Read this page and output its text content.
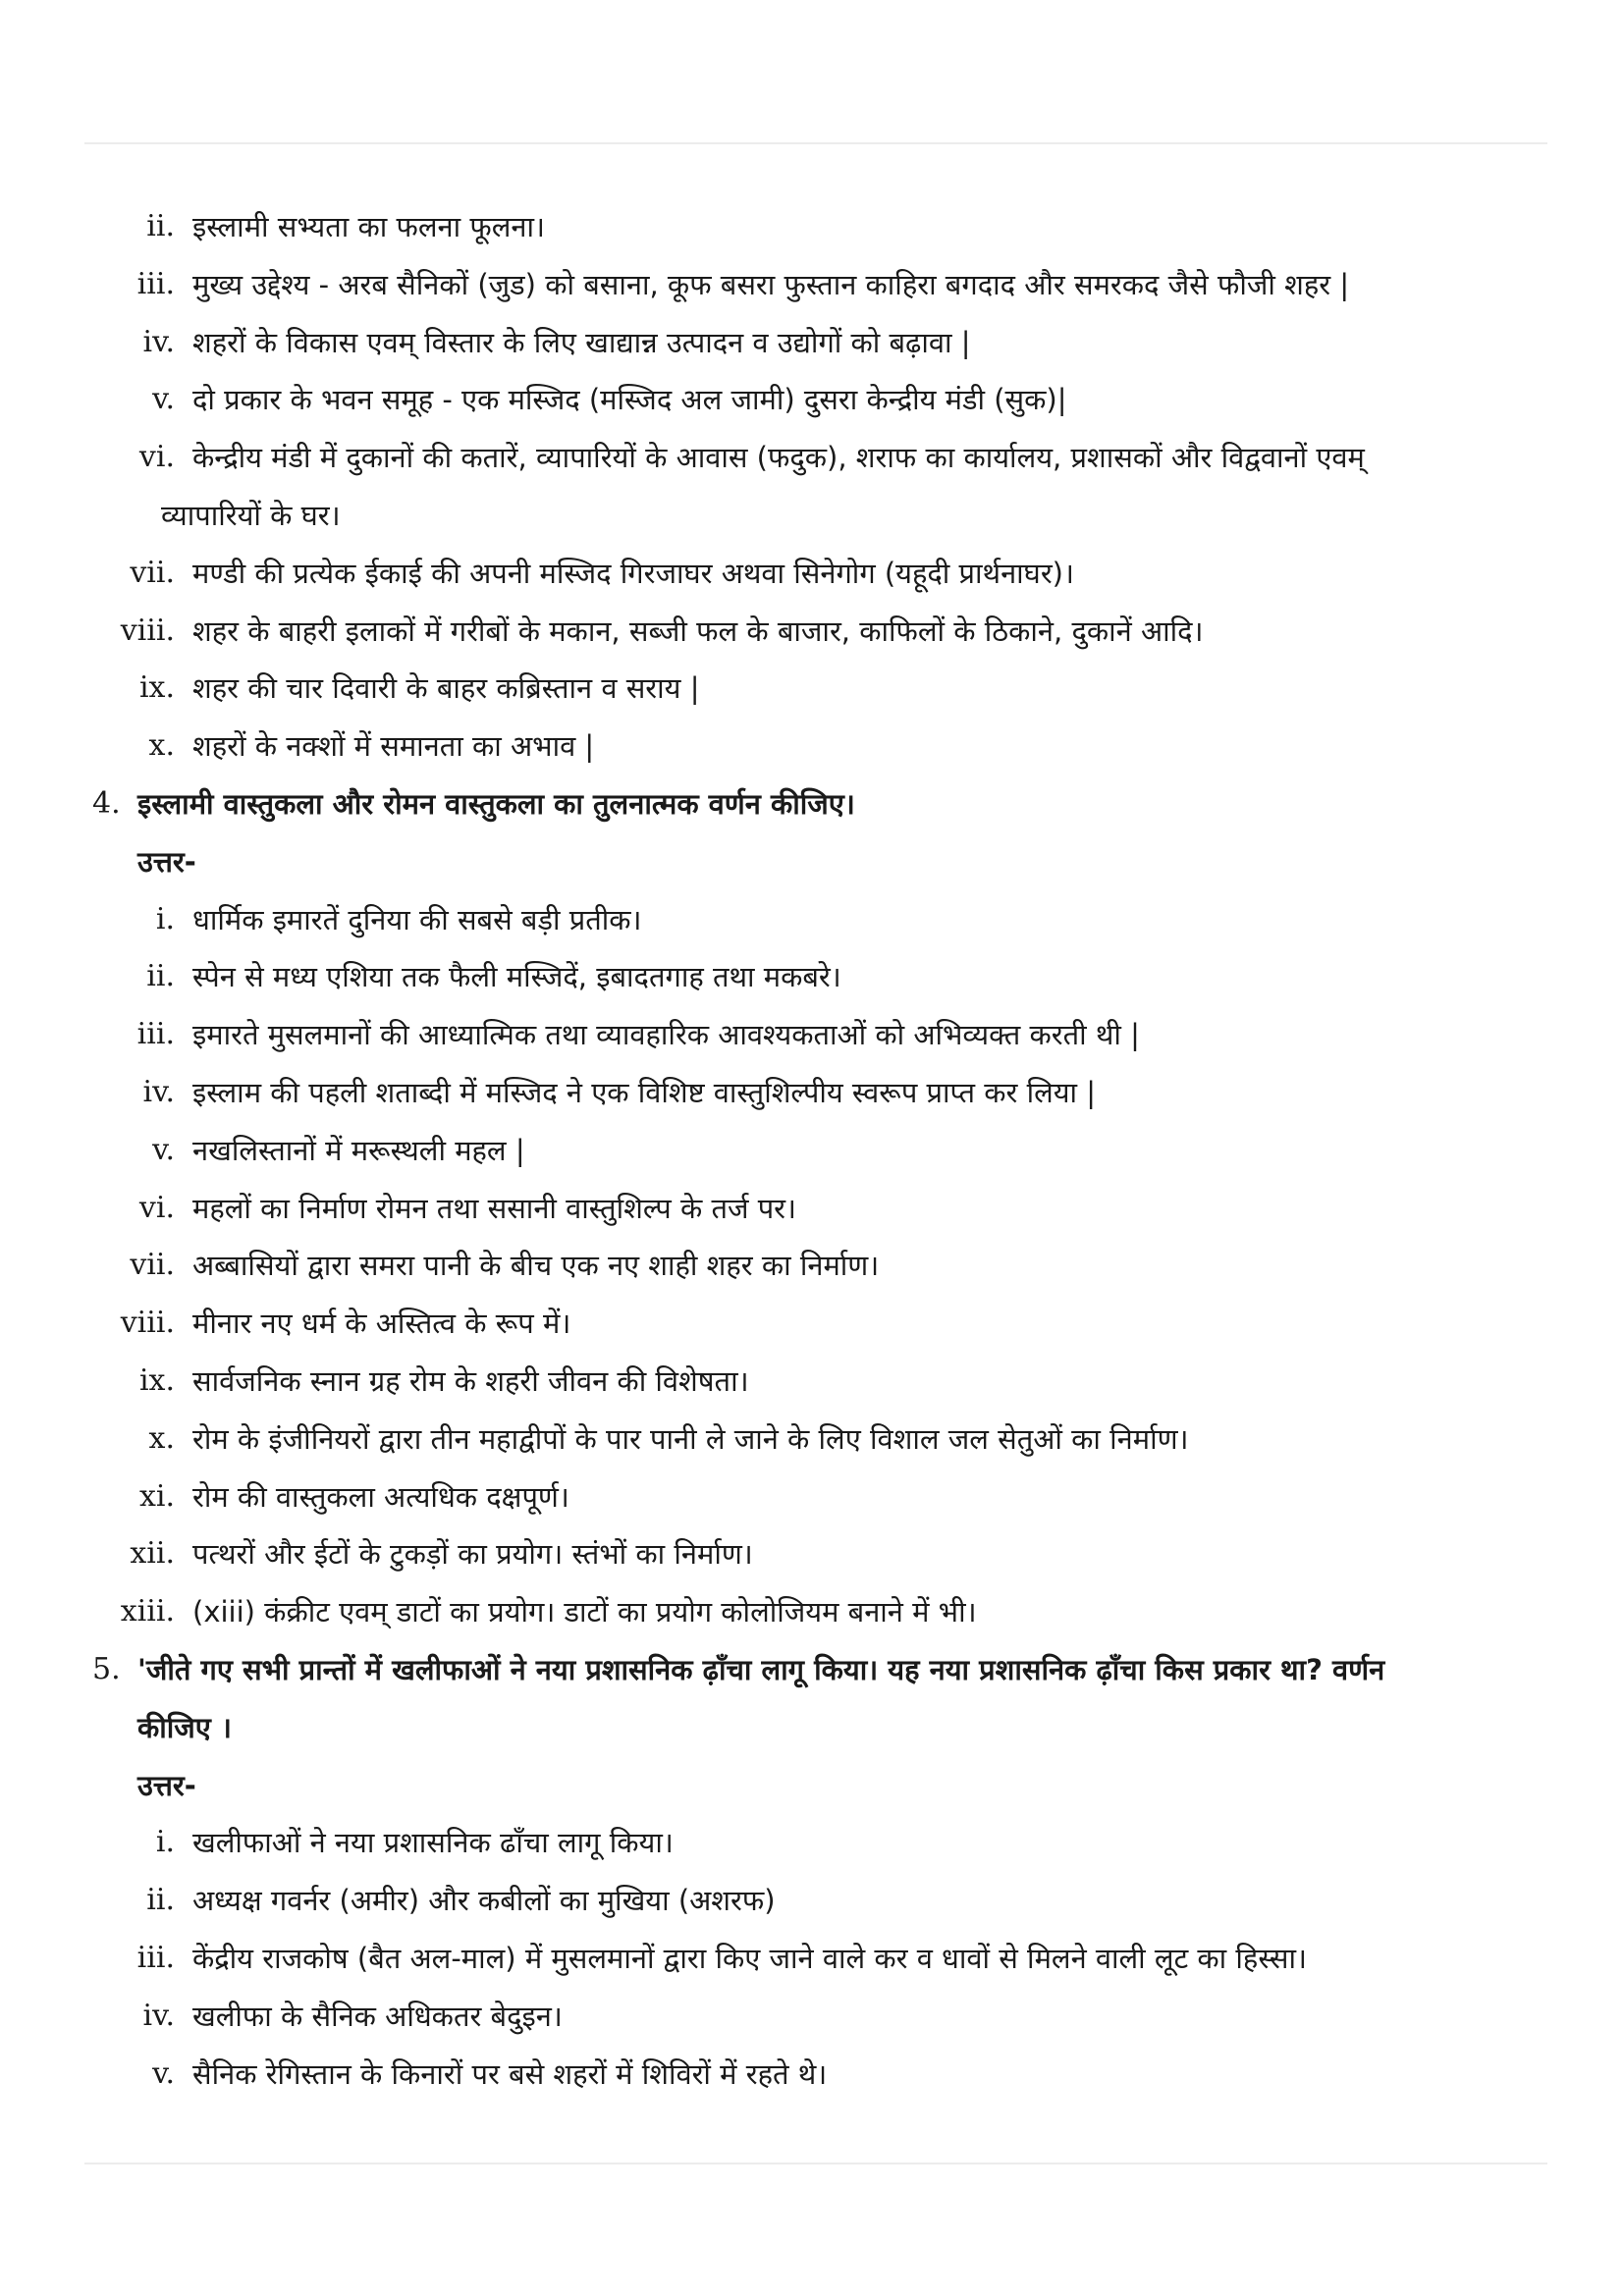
ii. इस्लामी सभ्यता का फलना फूलना।
iii. मुख्य उद्देश्य - अरब सैनिकों (जुड) को बसाना, कूफ बसरा फुस्तान काहिरा बगदाद और समरकद जैसे फौजी शहर |
iv. शहरों के विकास एवम् विस्तार के लिए खाद्यान्न उत्पादन व उद्योगों को बढ़ावा |
v. दो प्रकार के भवन समूह - एक मस्जिद (मस्जिद अल जामी) दुसरा केन्द्रीय मंडी (सुक)|
vi. केन्द्रीय मंडी में दुकानों की कतारें, व्यापारियों के आवास (फदुक), शराफ का कार्यालय, प्रशासकों और विद्ववानों एवम्
व्यापारियों के घर।
vii. मण्डी की प्रत्येक ईकाई की अपनी मस्जिद गिरजाघर अथवा सिनेगोग (यहूदी प्रार्थनाघर)।
viii. शहर के बाहरी इलाकों में गरीबों के मकान, सब्जी फल के बाजार, काफिलों के ठिकाने, दुकानें आदि।
ix. शहर की चार दिवारी के बाहर कब्रिस्तान व सराय |
x. शहरों के नक्शों में समानता का अभाव |
4. इस्लामी वास्तुकला और रोमन वास्तुकला का तुलनात्मक वर्णन कीजिए।
उत्तर-
i. धार्मिक इमारतें दुनिया की सबसे बड़ी प्रतीक।
ii. स्पेन से मध्य एशिया तक फैली मस्जिदें, इबादतगाह तथा मकबरे।
iii. इमारते मुसलमानों की आध्यात्मिक तथा व्यावहारिक आवश्यकताओं को अभिव्यक्त करती थी |
iv. इस्लाम की पहली शताब्दी में मस्जिद ने एक विशिष्ट वास्तुशिल्पीय स्वरूप प्राप्त कर लिया |
v. नखलिस्तानों में मरूस्थली महल |
vi. महलों का निर्माण रोमन तथा ससानी वास्तुशिल्प के तर्ज पर।
vii. अब्बासियों द्वारा समरा पानी के बीच एक नए शाही शहर का निर्माण।
viii. मीनार नए धर्म के अस्तित्व के रूप में।
ix. सार्वजनिक स्नान ग्रह रोम के शहरी जीवन की विशेषता।
x. रोम के इंजीनियरों द्वारा तीन महाद्वीपों के पार पानी ले जाने के लिए विशाल जल सेतुओं का निर्माण।
xi. रोम की वास्तुकला अत्यधिक दक्षपूर्ण।
xii. पत्थरों और ईटों के टुकड़ों का प्रयोग। स्तंभों का निर्माण।
xiii. (xiii) कंक्रीट एवम् डाटों का प्रयोग। डाटों का प्रयोग कोलोजियम बनाने में भी।
5. 'जीते गए सभी प्रान्तों में खलीफाओं ने नया प्रशासनिक ढ़ाँचा लागू किया। यह नया प्रशासनिक ढ़ाँचा किस प्रकार था? वर्णन
कीजिए ।
उत्तर-
i. खलीफाओं ने नया प्रशासनिक ढाँचा लागू किया।
ii. अध्यक्ष गवर्नर (अमीर) और कबीलों का मुखिया (अशरफ)
iii. केंद्रीय राजकोष (बैत अल-माल) में मुसलमानों द्वारा किए जाने वाले कर व धावों से मिलने वाली लूट का हिस्सा।
iv. खलीफा के सैनिक अधिकतर बेदुइन।
v. सैनिक रेगिस्तान के किनारों पर बसे शहरों में शिविरों में रहते थे।
